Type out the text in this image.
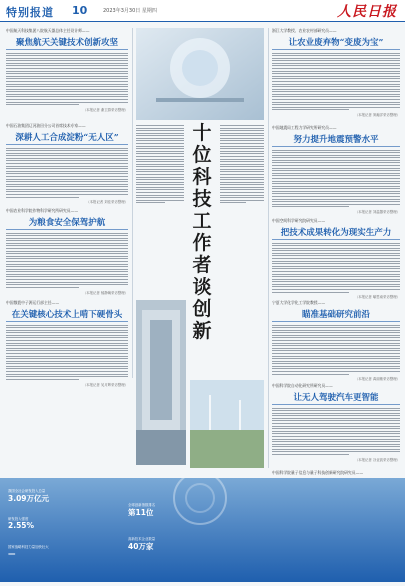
特别报道 10	2023年3月30日 星期四	人民日报
中国航天科技集团八院航天器总体主任设计师——
聚焦航天关键技术创新攻坚
（本报记者 谢卫群采访整理）
中国石油集团辽河油田分公司首席技术专家——
深耕人工合成淀粉“无人区”
（本报记者 刘佳采访整理）
中国农业科学院作物科学研究所研究员——
为粮食安全保驾护航
（本报记者 郁静娴采访整理）
中国散裂中子源运行部主任——
在关键核心技术上啃下硬骨头
（本报记者 吴月辉采访整理）
十
位
科
技
工
作
者
谈
创
新
浙江大学教授、农业农村部研究员——
让农业废弃物“变废为宝”
（本报记者 窦瀚洋采访整理）
中国地震局工程力学研究所研究员——
努力提升地震预警水平
（本报记者 刘温馨采访整理）
中国空间科学研究院研究员——
把技术成果转化为现实生产力
（本报记者 喻思南采访整理）
宁夏大学化学化工学院教授——
瞄准基础研究前沿
（本报记者 禹丽敏采访整理）
中国科学院自动化研究所研究员——
让无人驾驶汽车更智能
（本报记者 谷业凯采访整理）
中国科学院量子信息与量子科技创新研究院研究员——
我国全社会研发投入总量
3.09万亿元
研发投入强度
2.55%
国家战略科技力量加快壮大
—
全球创新指数排名
第11位
高新技术企业数量
40万家
